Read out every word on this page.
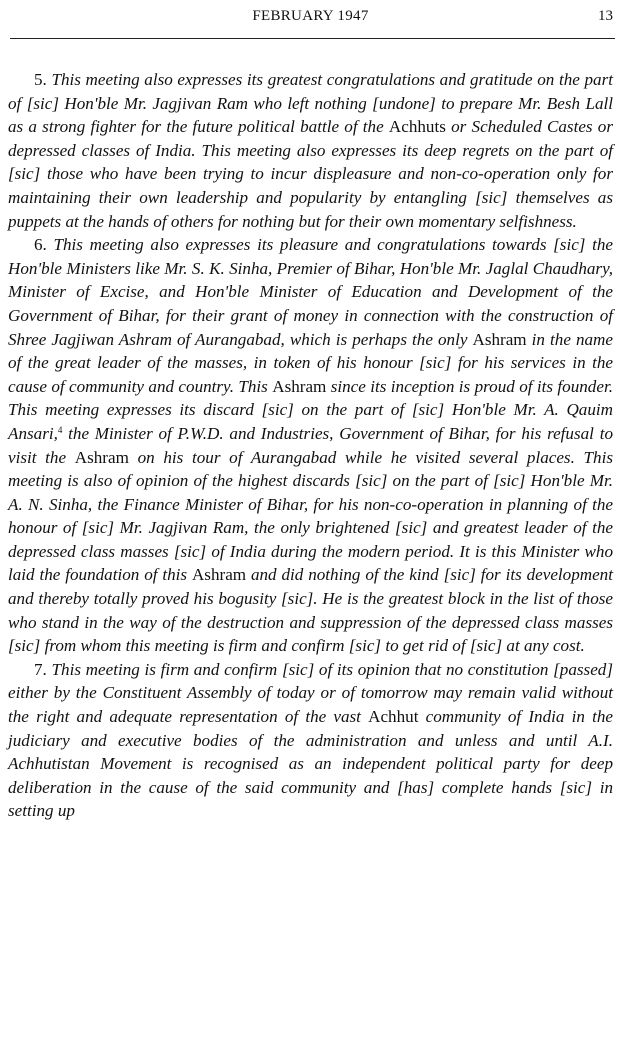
FEBRUARY 1947	13

5. This meeting also expresses its greatest congratulations and gratitude on the part of [sic] Hon'ble Mr. Jagjivan Ram who left nothing [undone] to prepare Mr. Besh Lall as a strong fighter for the future political battle of the Achhuts or Scheduled Castes or depressed classes of India. This meeting also expresses its deep regrets on the part of [sic] those who have been trying to incur displeasure and non-co-operation only for maintaining their own leadership and popularity by entangling [sic] themselves as puppets at the hands of others for nothing but for their own momentary selfishness.

6. This meeting also expresses its pleasure and congratulations towards [sic] the Hon'ble Ministers like Mr. S. K. Sinha, Premier of Bihar, Hon'ble Mr. Jaglal Chaudhary, Minister of Excise, and Hon'ble Minister of Education and Development of the Government of Bihar, for their grant of money in connection with the construction of Shree Jagjiwan Ashram of Aurangabad, which is perhaps the only Ashram in the name of the great leader of the masses, in token of his honour [sic] for his services in the cause of community and country. This Ashram since its inception is proud of its founder. This meeting expresses its discard [sic] on the part of [sic] Hon'ble Mr. A. Qauim Ansari,$^4$ the Minister of P.W.D. and Industries, Government of Bihar, for his refusal to visit the Ashram on his tour of Aurangabad while he visited several places. This meeting is also of opinion of the highest discards [sic] on the part of [sic] Hon'ble Mr. A. N. Sinha, the Finance Minister of Bihar, for his non-co-operation in planning of the honour of [sic] Mr. Jagjivan Ram, the only brightened [sic] and greatest leader of the depressed class masses [sic] of India during the modern period. It is this Minister who laid the foundation of this Ashram and did nothing of the kind [sic] for its development and thereby totally proved his bogusity [sic]. He is the greatest block in the list of those who stand in the way of the destruction and suppression of the depressed class masses [sic] from whom this meeting is firm and confirm [sic] to get rid of [sic] at any cost.

7. This meeting is firm and confirm [sic] of its opinion that no constitution [passed] either by the Constituent Assembly of today or of tomorrow may remain valid without the right and adequate representation of the vast Achhut community of India in the judiciary and executive bodies of the administration and unless and until A.I. Achhutistan Movement is recognised as an independent political party for deep deliberation in the cause of the said community and [has] complete hands [sic] in setting up
